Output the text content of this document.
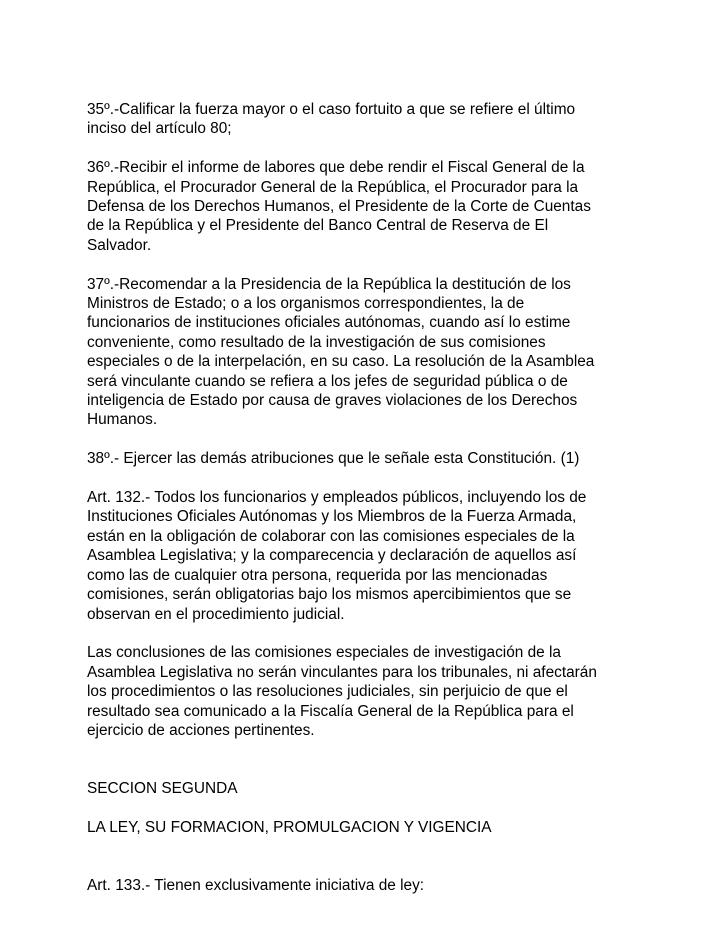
35º.-Calificar la fuerza mayor o el caso fortuito a que se refiere el último
inciso del artículo 80;

36º.-Recibir el informe de labores que debe rendir el Fiscal General de la
República, el Procurador General de la República, el Procurador para la
Defensa de los Derechos Humanos, el Presidente de la Corte de Cuentas
de la República y el Presidente del Banco Central de Reserva de El
Salvador.

37º.-Recomendar a la Presidencia de la República la destitución de los
Ministros de Estado; o a los organismos correspondientes, la de
funcionarios de instituciones oficiales autónomas, cuando así lo estime
conveniente, como resultado de la investigación de sus comisiones
especiales o de la interpelación, en su caso. La resolución de la Asamblea
será vinculante cuando se refiera a los jefes de seguridad pública o de
inteligencia de Estado por causa de graves violaciones de los Derechos
Humanos.

38º.- Ejercer las demás atribuciones que le señale esta Constitución. (1)

Art. 132.- Todos los funcionarios y empleados públicos, incluyendo los de
Instituciones Oficiales Autónomas y los Miembros de la Fuerza Armada,
están en la obligación de colaborar con las comisiones especiales de la
Asamblea Legislativa; y la comparecencia y declaración de aquellos así
como las de cualquier otra persona, requerida por las mencionadas
comisiones, serán obligatorias bajo los mismos apercibimientos que se
observan en el procedimiento judicial.

Las conclusiones de las comisiones especiales de investigación de la
Asamblea Legislativa no serán vinculantes para los tribunales, ni afectarán
los procedimientos o las resoluciones judiciales, sin perjuicio de que el
resultado sea comunicado a la Fiscalía General de la República para el
ejercicio de acciones pertinentes.

SECCION SEGUNDA

LA LEY, SU FORMACION, PROMULGACION Y VIGENCIA

Art. 133.- Tienen exclusivamente iniciativa de ley:
